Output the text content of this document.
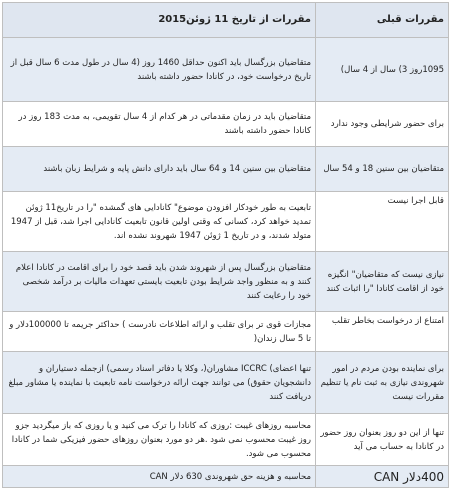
مقررات قبلی	مقررات از تاریخ 11 ژوئن2015
1095روز 3) سال از 4 سال)	متقاضیان بزرگسال باید اکنون حداقل 1460 روز (4 سال در طول مدت 6 سال قبل از تاریخ درخواست خود، در کانادا حضور داشته باشند
برای حضور شرایطی وجود ندارد	متقاضیان باید در زمان مقدماتی در هر کدام از 4 سال تقویمی، به مدت 183 روز در کانادا حضور داشته باشند
متقاضیان بین سنین 18 و 54 سال	متقاضیان بین سنین 14 و 64 سال باید دارای دانش پایه و شرایط زبان باشند
قابل اجرا نیست	تابعیت به طور خودکار افزودن موضوع" کانادایی های گمشده "را در تاریخ11 ژوئن تمدید خواهد کرد، کسانی که وقتی اولین قانون تابعیت کانادایی اجرا شد، قبل از 1947 متولد شدند، و در تاریخ 1 ژوئن 1947 شهروند نشده اند.
نیازی نیست که متقاضیان" انگیزه خود از اقامت کانادا "را اثبات کنند	متقاضیان بزرگسال پس از شهروند شدن باید قصد خود را برای اقامت در کانادا اعلام کنند و به منظور واجد شرایط بودن تابعیت بایستی تعهدات مالیات بر درآمد شخصی خود را رعایت کنند
امتناع از درخواست بخاطر تقلب	مجازات قوی تر برای تقلب و ارائه اطلاعات نادرست ) حداکثر جریمه تا 100000دلار و تا 5 سال زندان(
برای نماینده بودن مردم در امور شهروندی نیازی به ثبت نام یا تنظیم مقررات نیست	تنها اعضای) ICCRC مشاوران(، وکلا یا دفاتر اسناد رسمی) ازجمله دستیاران و دانشجویان حقوق) می توانند جهت ارائه درخواست نامه تابعیت با نماینده یا مشاور مبلغ دریافت کنند
تنها از این دو روز بعنوان روز حضور در کانادا به حساب می آید	محاسبه روزهای غیبت :روزی که کانادا را ترک می کنید و یا روزی که باز میگردید جزو روز غیبت محسوب نمی شود .هر دو مورد بعنوان روزهای حضور فیزیکی شما در کانادا محسوب می شود.
400دلار CAN	محاسبه و هزینه حق شهروندی 630 دلار CAN
